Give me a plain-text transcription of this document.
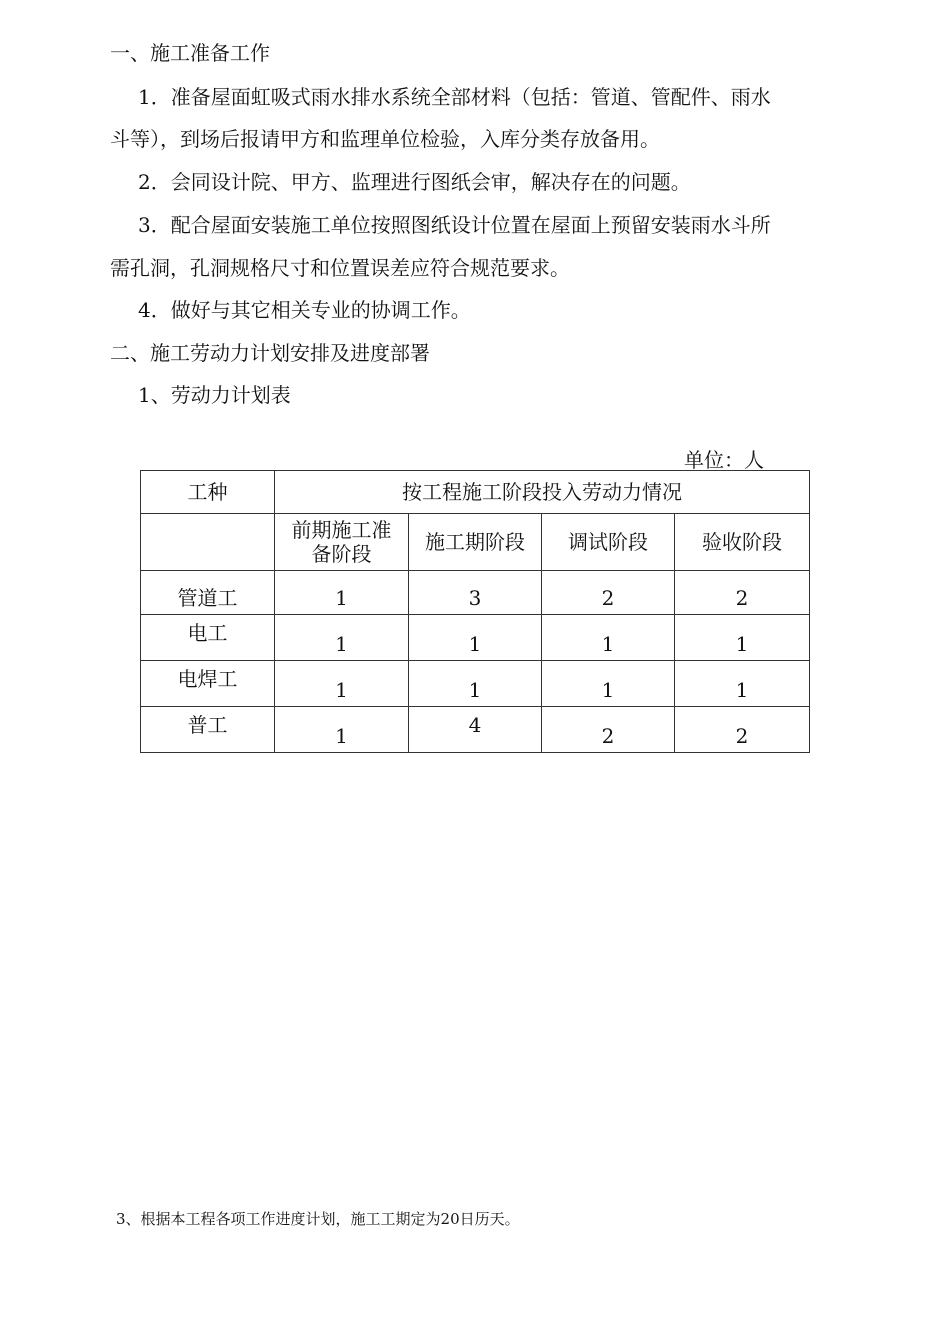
一、施工准备工作
1．准备屋面虹吸式雨水排水系统全部材料（包括：管道、管配件、雨水
斗等），到场后报请甲方和监理单位检验，入库分类存放备用。
2．会同设计院、甲方、监理进行图纸会审，解决存在的问题。
3．配合屋面安装施工单位按照图纸设计位置在屋面上预留安装雨水斗所
需孔洞，孔洞规格尺寸和位置误差应符合规范要求。
4．做好与其它相关专业的协调工作。
二、施工劳动力计划安排及进度部署
1、劳动力计划表
单位：人
工种	按工程施工阶段投入劳动力情况			
	前期施工准备阶段	施工期阶段	调试阶段	验收阶段
管道工	1	3	2	2
电工	1	1	1	1
电焊工	1	1	1	1
普工	1	4	2	2
3、根据本工程各项工作进度计划，施工工期定为20日历天。
